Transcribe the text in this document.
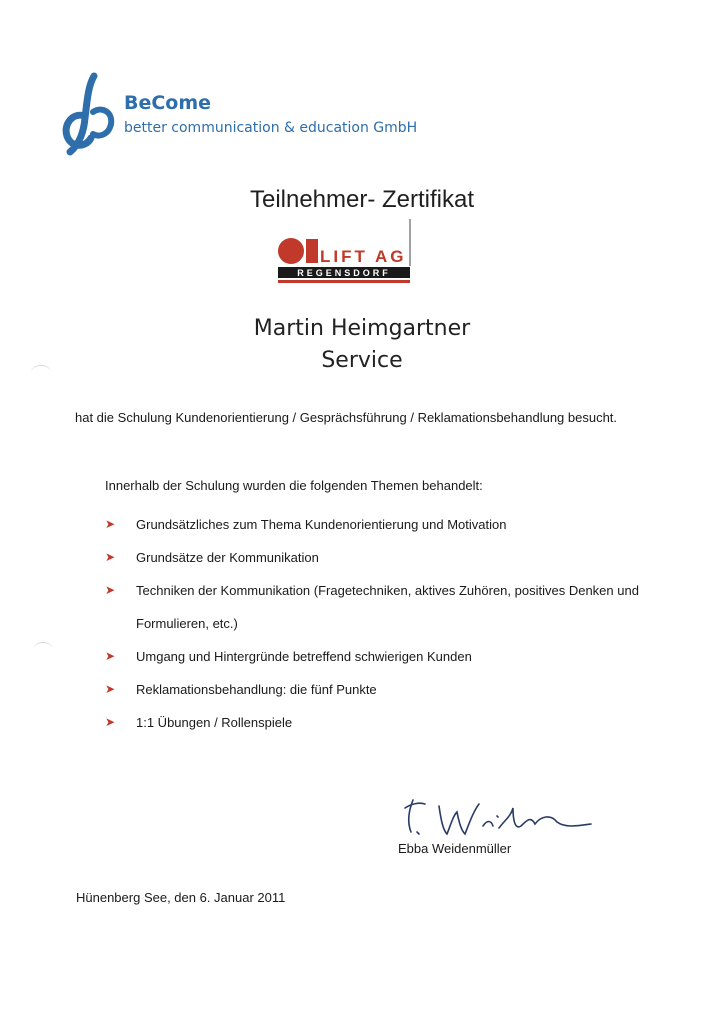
BeCome
better communication & education GmbH
Teilnehmer- Zertifikat
LIFT AG
REGENSDORF
Martin Heimgartner
Service
hat die Schulung Kundenorientierung / Gesprächsführung / Reklamationsbehandlung besucht.
Innerhalb der Schulung wurden die folgenden Themen behandelt:
➤ Grundsätzliches zum Thema Kundenorientierung und Motivation
➤ Grundsätze der Kommunikation
➤ Techniken der Kommunikation (Fragetechniken, aktives Zuhören, positives Denken und Formulieren, etc.)
➤ Umgang und Hintergründe betreffend schwierigen Kunden
➤ Reklamationsbehandlung: die fünf Punkte
➤ 1:1 Übungen / Rollenspiele
Ebba Weidenmüller
Hünenberg See, den 6. Januar 2011
